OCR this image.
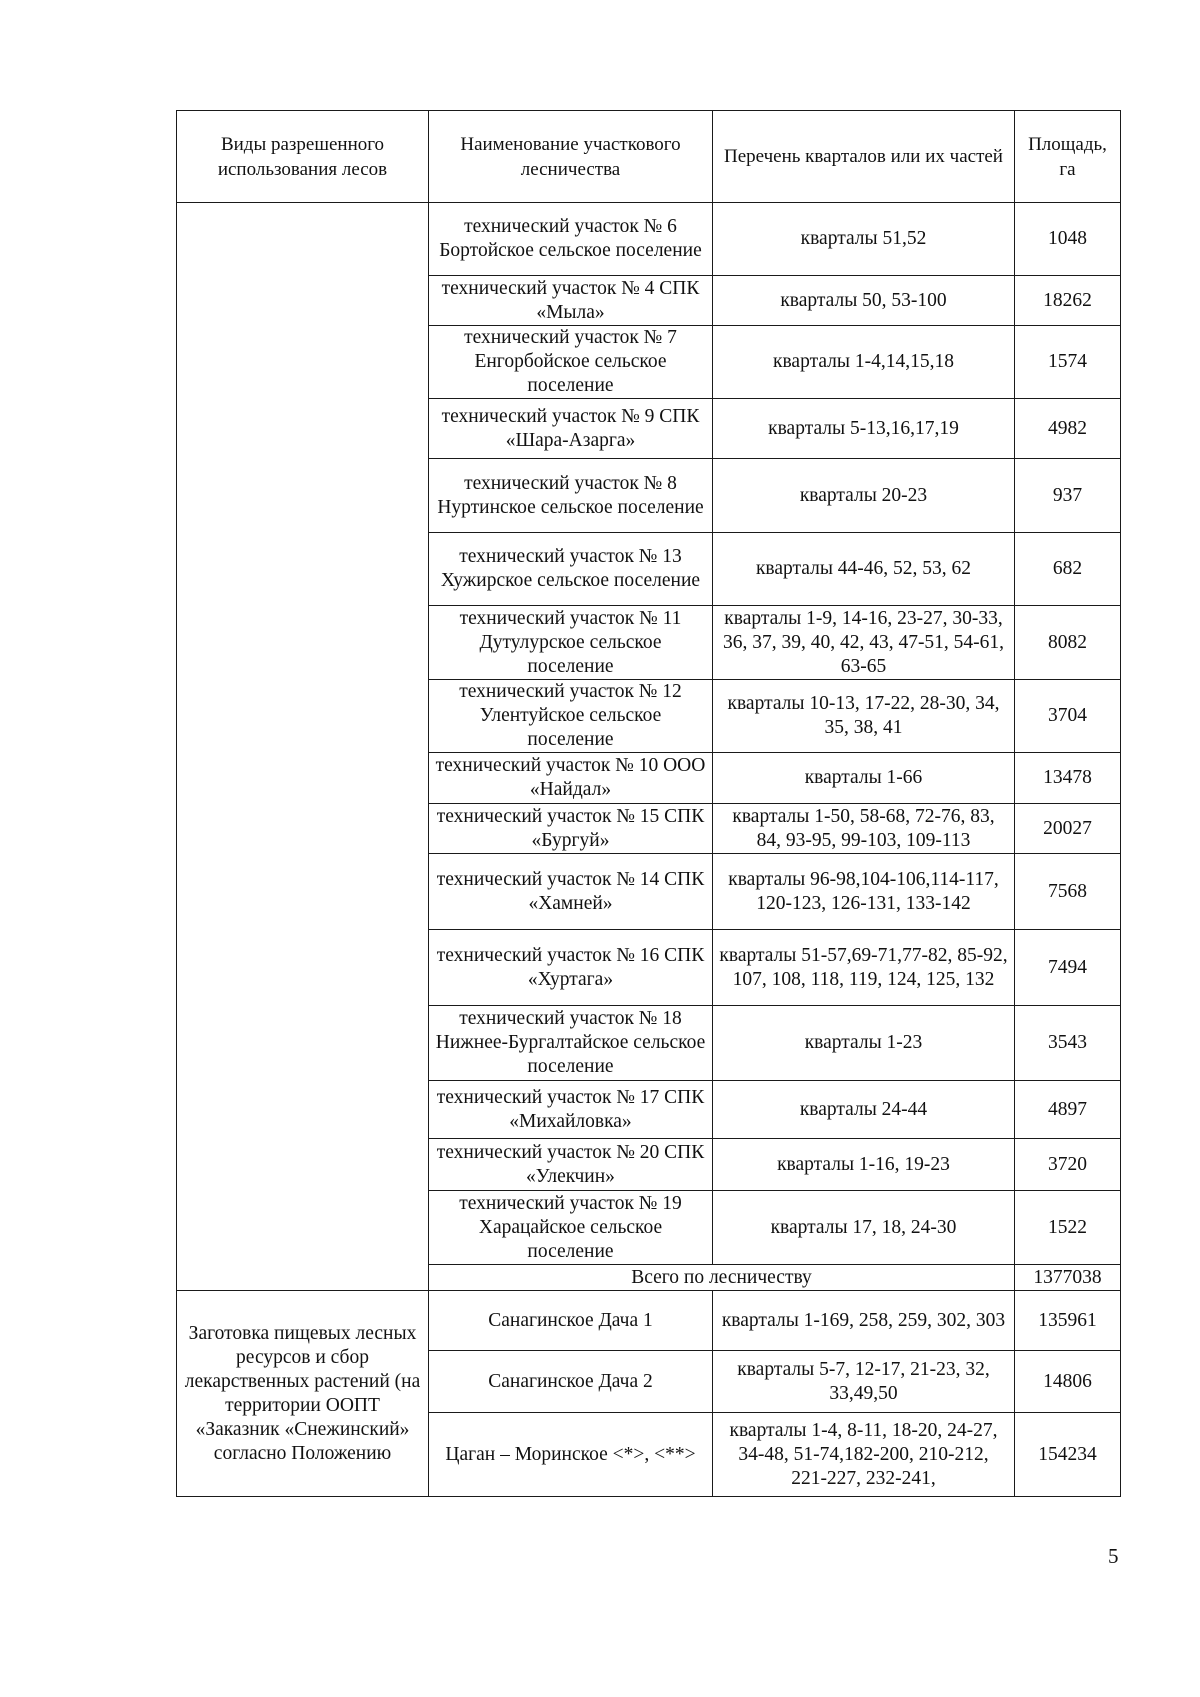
Виды разрешенного использования лесов	Наименование участкового лесничества	Перечень кварталов или их частей	Площадь, га
	технический участок № 6 Бортойское сельское поселение	кварталы 51,52	1048
	технический участок № 4 СПК «Мыла»	кварталы 50, 53-100	18262
	технический участок № 7 Енгорбойское сельское поселение	кварталы 1-4,14,15,18	1574
	технический участок № 9 СПК «Шара-Азарга»	кварталы 5-13,16,17,19	4982
	технический участок № 8 Нуртинское сельское поселение	кварталы 20-23	937
	технический участок № 13 Хужирское сельское поселение	кварталы 44-46, 52, 53, 62	682
	технический участок № 11 Дутулурское сельское поселение	кварталы 1-9, 14-16, 23-27, 30-33, 36, 37, 39, 40, 42, 43, 47-51, 54-61, 63-65	8082
	технический участок № 12 Улентуйское сельское поселение	кварталы 10-13, 17-22, 28-30, 34, 35, 38, 41	3704
	технический участок № 10 ООО «Найдал»	кварталы 1-66	13478
	технический участок № 15 СПК «Бургуй»	кварталы 1-50, 58-68, 72-76, 83, 84, 93-95, 99-103, 109-113	20027
	технический участок № 14 СПК «Хамней»	кварталы 96-98,104-106,114-117, 120-123, 126-131, 133-142	7568
	технический участок № 16 СПК «Хуртага»	кварталы 51-57,69-71,77-82, 85-92, 107, 108, 118, 119, 124, 125, 132	7494
	технический участок № 18 Нижнее-Бургалтайское сельское поселение	кварталы 1-23	3543
	технический участок № 17 СПК «Михайловка»	кварталы 24-44	4897
	технический участок № 20 СПК «Улекчин»	кварталы 1-16, 19-23	3720
	технический участок № 19 Харацайское сельское поселение	кварталы 17, 18, 24-30	1522
	Всего по лесничеству		1377038
Заготовка пищевых лесных ресурсов и сбор лекарственных растений (на территории ООПТ «Заказник «Снежинский» согласно Положению	Санагинское Дача 1	кварталы 1-169, 258, 259, 302, 303	135961
	Санагинское Дача 2	кварталы 5-7, 12-17, 21-23, 32, 33,49,50	14806
	Цаган – Моринское <*>, <**>	кварталы 1-4, 8-11, 18-20, 24-27, 34-48, 51-74,182-200, 210-212, 221-227, 232-241,	154234
5
